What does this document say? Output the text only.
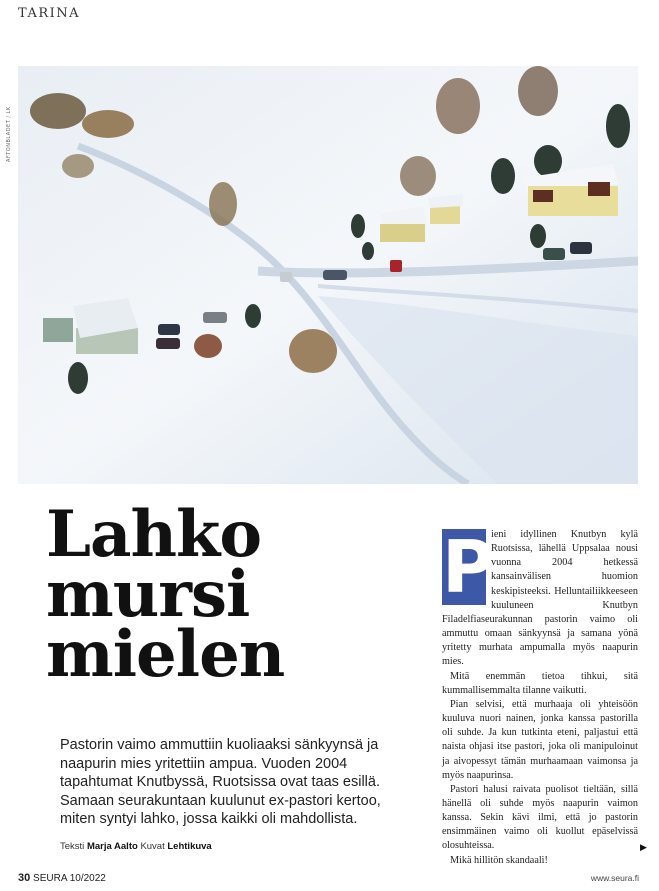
TARINA
AFTONBLADET / LK
Lahko
mursi
mielen
Pastorin vaimo ammuttiin kuoliaaksi sänkyynsä ja naapurin mies yritettiin ampua. Vuoden 2004 tapahtumat Knutbyssä, Ruotsissa ovat taas esillä. Samaan seurakuntaan kuulunut ex-pastori kertoo, miten syntyi lahko, jossa kaikki oli mahdollista.
Teksti Marja Aalto Kuvat Lehtikuva
P

ieni idyllinen Knutbyn kylä Ruotsissa, lähellä Uppsalaa nousi vuonna 2004 hetkessä kansainvälisen huomion keskipisteeksi. Helluntailiikkeeseen kuuluneen Knutbyn Filadelfiaseurakunnan pastorin vaimo oli ammuttu omaan sänkyynsä ja samana yönä yritetty murhata ampumalla myös naapurin mies.

Mitä enemmän tietoa tihkui, sitä kummallisemmalta tilanne vaikutti.

Pian selvisi, että murhaaja oli yhteisöön kuuluva nuori nainen, jonka kanssa pastorilla oli suhde. Ja kun tutkinta eteni, paljastui että naista ohjasi itse pastori, joka oli manipuloinut ja aivopessyt tämän murhaamaan vaimonsa ja myös naapurinsa.

Pastori halusi raivata puolisot tieltään, sillä hänellä oli suhde myös naapurin vaimon kanssa. Sekin kävi ilmi, että jo pastorin ensimmäinen vaimo oli kuollut epäselvissä olosuhteissa.

Mikä hillitön skandaali!

▶
30 SEURA 10/2022	www.seura.fi
